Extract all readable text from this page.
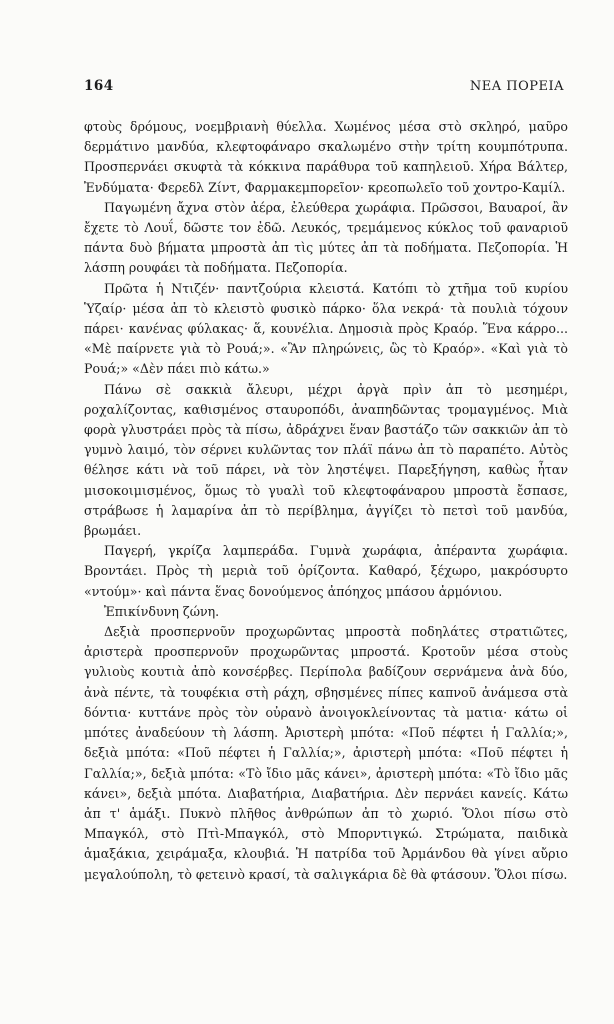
164	ΝΕΑ ΠΟΡΕΙΑ

φτοὺς δρόμους, νοεμβριανὴ θύελλα. Χωμένος μέσα στὸ σκληρό, μαῦρο δερμάτινο μανδύα, κλεφτοφάναρο σκαλωμένο στὴν τρίτη κουμπότρυπα. Προσπερνάει σκυφτὰ τὰ κόκκινα παράθυρα τοῦ καπηλειοῦ. Χήρα Βάλτερ, Ἐνδύματα· Φερεδλ Ζίντ, Φαρμακεμπορεῖον· κρεοπωλεῖο τοῦ χοντρο-Καμίλ.

Παγωμένη ἄχνα στὸν ἀέρα, ἐλεύθερα χωράφια. Πρῶσσοι, Βαυαροί, ἂν ἔχετε τὸ Λουΐ, δῶστε τον ἐδῶ. Λευκός, τρεμάμενος κύκλος τοῦ φαναριοῦ πάντα δυὸ βήματα μπροστὰ ἀπ τὶς μύτες ἀπ τὰ ποδήματα. Πεζοπορία. Ἡ λάσπη ρουφάει τὰ ποδήματα. Πεζοπορία.

Πρῶτα ἡ Ντιζέν· παντζούρια κλειστά. Κατόπι τὸ χτῆμα τοῦ κυρίου Ὑζαίρ· μέσα ἀπ τὸ κλειστὸ φυσικὸ πάρκο· ὅλα νεκρά· τὰ πουλιὰ τόχουν πάρει· κανένας φύλακας· ἅ, κουνέλια. Δημοσιὰ πρὸς Κραόρ. Ἕνα κάρρο... «Μὲ παίρνετε γιὰ τὸ Ρουά;». «Ἂν πληρώνεις, ὣς τὸ Κραόρ». «Καὶ γιὰ τὸ Ρουά;» «Δὲν πάει πιὸ κάτω.»

Πάνω σὲ σακκιὰ ἄλευρι, μέχρι ἀργὰ πρὶν ἀπ τὸ μεσημέρι, ροχαλίζοντας, καθισμένος σταυροπόδι, ἀναπηδῶντας τρομαγμένος. Μιὰ φορὰ γλυστράει πρὸς τὰ πίσω, ἀδράχνει ἕναν βαστάζο τῶν σακκιῶν ἀπ τὸ γυμνὸ λαιμό, τὸν σέρνει κυλῶντας τον πλάϊ πάνω ἀπ τὸ παραπέτο. Αὐτὸς θέλησε κάτι νὰ τοῦ πάρει, νὰ τὸν ληστέψει. Παρεξήγηση, καθὼς ἦταν μισοκοιμισμένος, ὅμως τὸ γυαλὶ τοῦ κλεφτοφάναρου μπροστὰ ἔσπασε, στράβωσε ἡ λαμαρίνα ἀπ τὸ περίβλημα, ἀγγίζει τὸ πετσὶ τοῦ μανδύα, βρωμάει.

Παγερή, γκρίζα λαμπεράδα. Γυμνὰ χωράφια, ἀπέραντα χωράφια. Βροντάει. Πρὸς τὴ μεριὰ τοῦ ὁρίζοντα. Καθαρό, ξέχωρο, μακρόσυρτο «ντούμ»· καὶ πάντα ἕνας δονούμενος ἀπόηχος μπάσου ἁρμόνιου.

Ἐπικίνδυνη ζώνη.

Δεξιὰ προσπερνοῦν προχωρῶντας μπροστὰ ποδηλάτες στρατιῶτες, ἀριστερὰ προσπερνοῦν προχωρῶντας μπροστά. Κροτοῦν μέσα στοὺς γυλιοὺς κουτιὰ ἀπὸ κονσέρβες. Περίπολα βαδίζουν σερνάμενα ἀνὰ δύο, ἀνὰ πέντε, τὰ τουφέκια στὴ ράχη, σβησμένες πίπες καπνοῦ ἀνάμεσα στὰ δόντια· κυττάνε πρὸς τὸν οὐρανὸ ἀνοιγοκλείνοντας τὰ ματια· κάτω οἱ μπότες ἀναδεύουν τὴ λάσπη. Ἀριστερὴ μπότα: «Ποῦ πέφτει ἡ Γαλλία;», δεξιὰ μπότα: «Ποῦ πέφτει ἡ Γαλλία;», ἀριστερὴ μπότα: «Ποῦ πέφτει ἡ Γαλλία;», δεξιὰ μπότα: «Τὸ ἴδιο μᾶς κάνει», ἀριστερὴ μπότα: «Τὸ ἴδιο μᾶς κάνει», δεξιὰ μπότα. Διαβατήρια, Διαβατήρια. Δὲν περνάει κανείς. Κάτω ἀπ τ' ἁμάξι. Πυκνὸ πλῆθος ἀνθρώπων ἀπ τὸ χωριό. Ὅλοι πίσω στὸ Μπαγκόλ, στὸ Πτὶ-Μπαγκόλ, στὸ Μπορντιγκώ. Στρώματα, παιδικὰ ἁμαξάκια, χειράμαξα, κλουβιά. Ἡ πατρίδα τοῦ Ἀρμάνδου θὰ γίνει αὔριο μεγαλούπολη, τὸ φετεινὸ κρασί, τὰ σαλιγκάρια δὲ θὰ φτάσουν. Ὅλοι πίσω.
